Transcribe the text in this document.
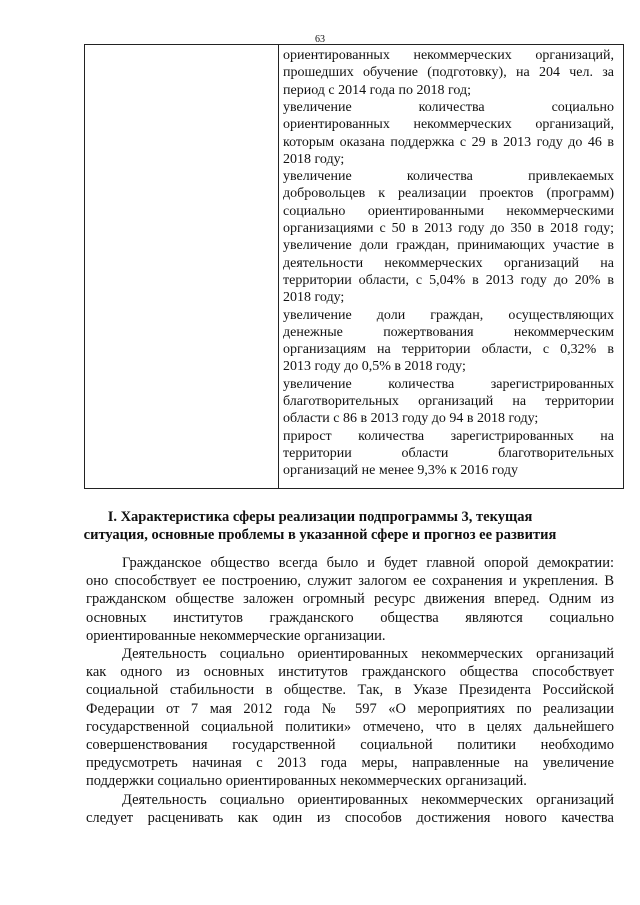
63
ориентированных некоммерческих организаций,
прошедших обучение (подготовку), на 204 чел. за
период с 2014 года по 2018 год;
увеличение количества социально
ориентированных некоммерческих организаций,
которым оказана поддержка с 29 в 2013 году до 46 в
2018 году;
увеличение количества привлекаемых
добровольцев к реализации проектов (программ)
социально ориентированными некоммерческими
организациями с 50 в 2013 году до 350 в 2018 году;
увеличение доли граждан, принимающих участие в
деятельности некоммерческих организаций на
территории области, с 5,04% в 2013 году до 20% в
2018 году;
увеличение доли граждан, осуществляющих
денежные пожертвования некоммерческим
организациям на территории области, с 0,32% в
2013 году до 0,5% в 2018 году;
увеличение количества зарегистрированных
благотворительных организаций на территории
области с 86 в 2013 году до 94 в 2018 году;
прирост количества зарегистрированных на
территории области благотворительных
организаций не менее 9,3% к 2016 году
I. Характеристика сферы реализации подпрограммы 3, текущая
ситуация, основные проблемы в указанной сфере и прогноз ее развития
Гражданское общество всегда было и будет главной опорой демократии:
оно способствует ее построению, служит залогом ее сохранения и укрепления. В
гражданском обществе заложен огромный ресурс движения вперед. Одним из
основных институтов гражданского общества являются социально
ориентированные некоммерческие организации.
Деятельность социально ориентированных некоммерческих организаций
как одного из основных институтов гражданского общества способствует
социальной стабильности в обществе. Так, в Указе Президента Российской
Федерации от 7 мая 2012 года № 597 «О мероприятиях по реализации
государственной социальной политики» отмечено, что в целях дальнейшего
совершенствования государственной социальной политики необходимо
предусмотреть начиная с 2013 года меры, направленные на увеличение
поддержки социально ориентированных некоммерческих организаций.
Деятельность социально ориентированных некоммерческих организаций
следует расценивать как один из способов достижения нового качества
